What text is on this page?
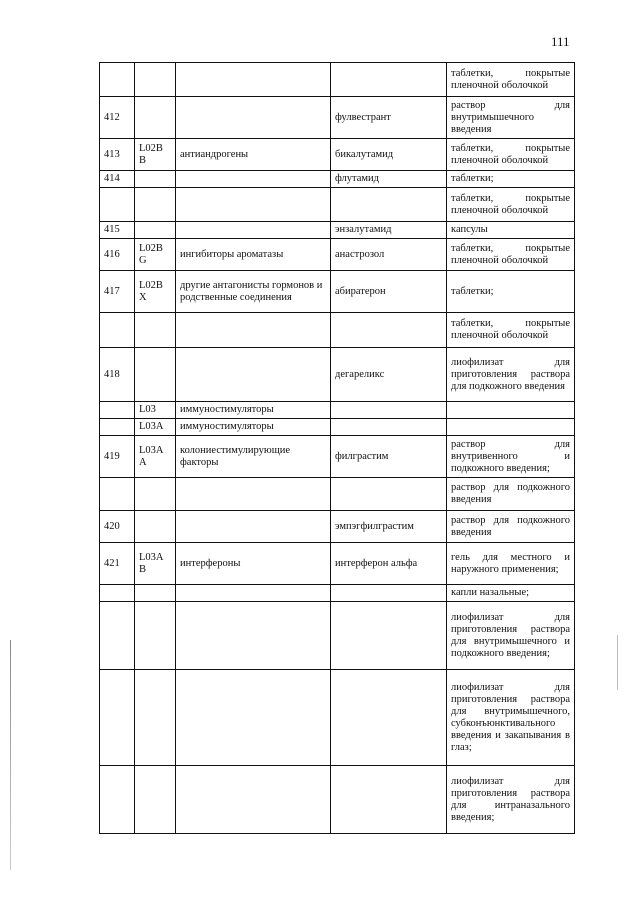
111
				таблетки, покрытые пленочной оболочкой
412			фулвестрант	раствор для внутримышечного введения
413	L02B B	антиандрогены	бикалутамид	таблетки, покрытые пленочной оболочкой
414			флутамид	таблетки;
				таблетки, покрытые пленочной оболочкой
415			энзалутамид	капсулы
416	L02B G	ингибиторы ароматазы	анастрозол	таблетки, покрытые пленочной оболочкой
417	L02B X	другие антагонисты гормонов и родственные соединения	абиратерон	таблетки;
				таблетки, покрытые пленочной оболочкой
418			дегареликс	лиофилизат для приготовления раствора для подкожного введения
	L03	иммуностимуляторы		
	L03A	иммуностимуляторы		
419	L03A A	колониестимулирующие факторы	филграстим	раствор для внутривенного и подкожного введения;
				раствор для подкожного введения
420			эмпэгфилграстим	раствор для подкожного введения
421	L03A B	интерфероны	интерферон альфа	гель для местного и наружного применения;
				капли назальные;
				лиофилизат для приготовления раствора для внутримышечного и подкожного введения;
				лиофилизат для приготовления раствора для внутримышечного, субконъюнктивального введения и закапывания в глаз;
				лиофилизат для приготовления раствора для интраназального введения;
